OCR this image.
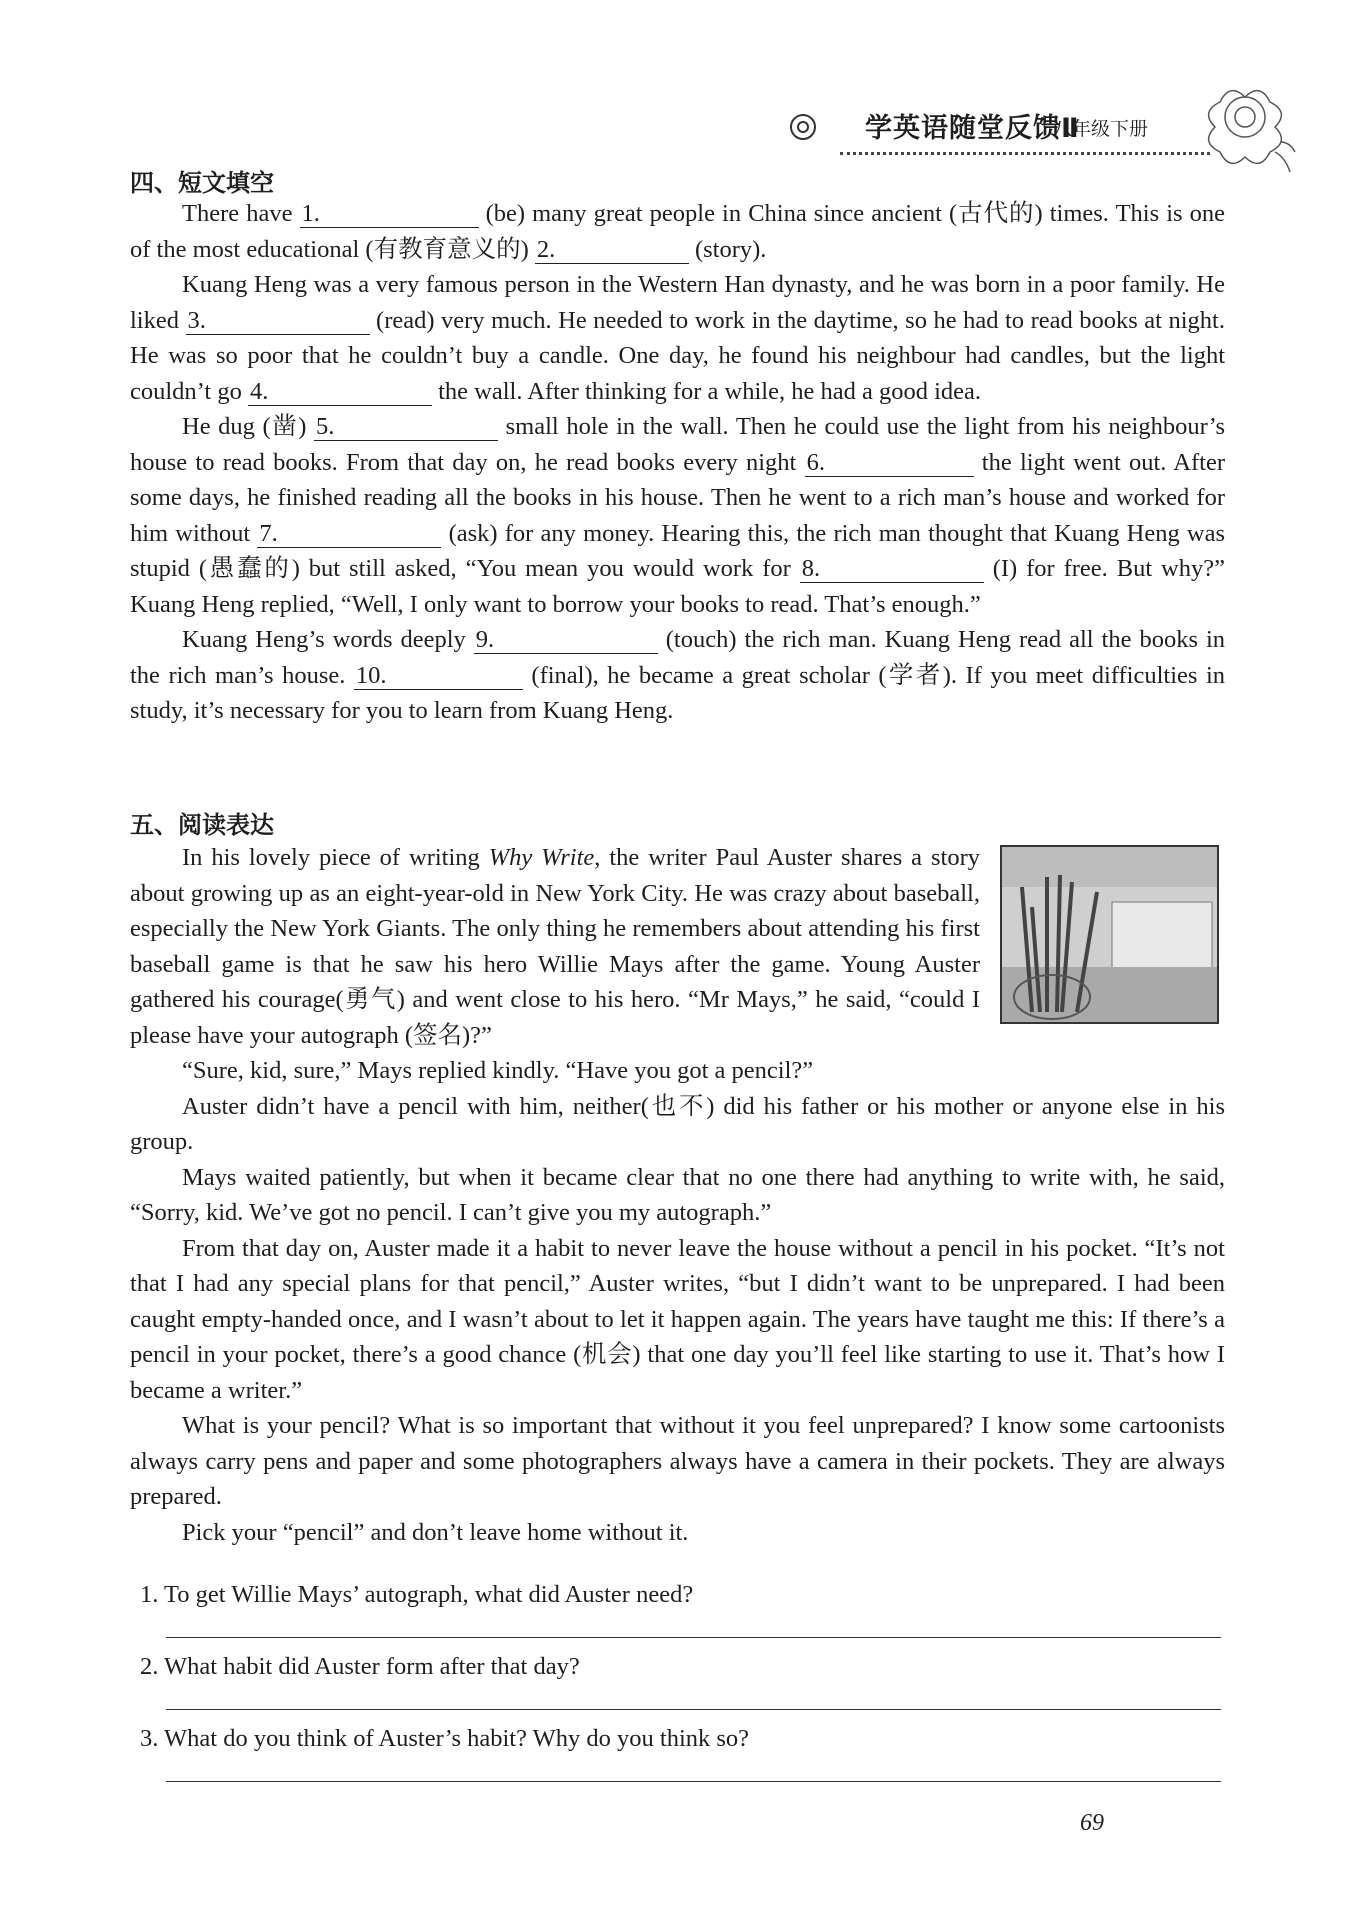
学英语随堂反馈Ⅱ
八年级下册
四、短文填空

There have 1.	(be) many great people in China since ancient (古代的) times. This is one of the most educational (有教育意义的) 2.	(story).

Kuang Heng was a very famous person in the Western Han dynasty, and he was born in a poor family. He liked 3.	(read) very much. He needed to work in the daytime, so he had to read books at night. He was so poor that he couldn’t buy a candle. One day, he found his neighbour had candles, but the light couldn’t go 4.	the wall. After thinking for a while, he had a good idea.

He dug (凿) 5.	small hole in the wall. Then he could use the light from his neighbour’s house to read books. From that day on, he read books every night 6.	the light went out. After some days, he finished reading all the books in his house. Then he went to a rich man’s house and worked for him without 7.	(ask) for any money. Hearing this, the rich man thought that Kuang Heng was stupid (愚蠢的) but still asked, “You mean you would work for 8.	(I) for free. But why?” Kuang Heng replied, “Well, I only want to borrow your books to read. That’s enough.”

Kuang Heng’s words deeply 9.	(touch) the rich man. Kuang Heng read all the books in the rich man’s house. 10.	(final), he became a great scholar (学者). If you meet difficulties in study, it’s necessary for you to learn from Kuang Heng.

五、阅读表达

In his lovely piece of writing Why Write, the writer Paul Auster shares a story about growing up as an eight-year-old in New York City. He was crazy about baseball, especially the New York Giants. The only thing he remembers about attending his first baseball game is that he saw his hero Willie Mays after the game. Young Auster gathered his courage(勇气) and went close to his hero. “Mr Mays,” he said, “could I please have your autograph (签名)?”

“Sure, kid, sure,” Mays replied kindly. “Have you got a pencil?”

Auster didn’t have a pencil with him, neither(也不) did his father or his mother or anyone else in his group.

Mays waited patiently, but when it became clear that no one there had anything to write with, he said, “Sorry, kid. We’ve got no pencil. I can’t give you my autograph.”

From that day on, Auster made it a habit to never leave the house without a pencil in his pocket. “It’s not that I had any special plans for that pencil,” Auster writes, “but I didn’t want to be unprepared. I had been caught empty-handed once, and I wasn’t about to let it happen again. The years have taught me this: If there’s a pencil in your pocket, there’s a good chance (机会) that one day you’ll feel like starting to use it. That’s how I became a writer.”

What is your pencil? What is so important that without it you feel unprepared? I know some cartoonists always carry pens and paper and some photographers always have a camera in their pockets. They are always prepared.

Pick your “pencil” and don’t leave home without it.

1. To get Willie Mays’ autograph, what did Auster need?
2. What habit did Auster form after that day?
3. What do you think of Auster’s habit? Why do you think so?
69
